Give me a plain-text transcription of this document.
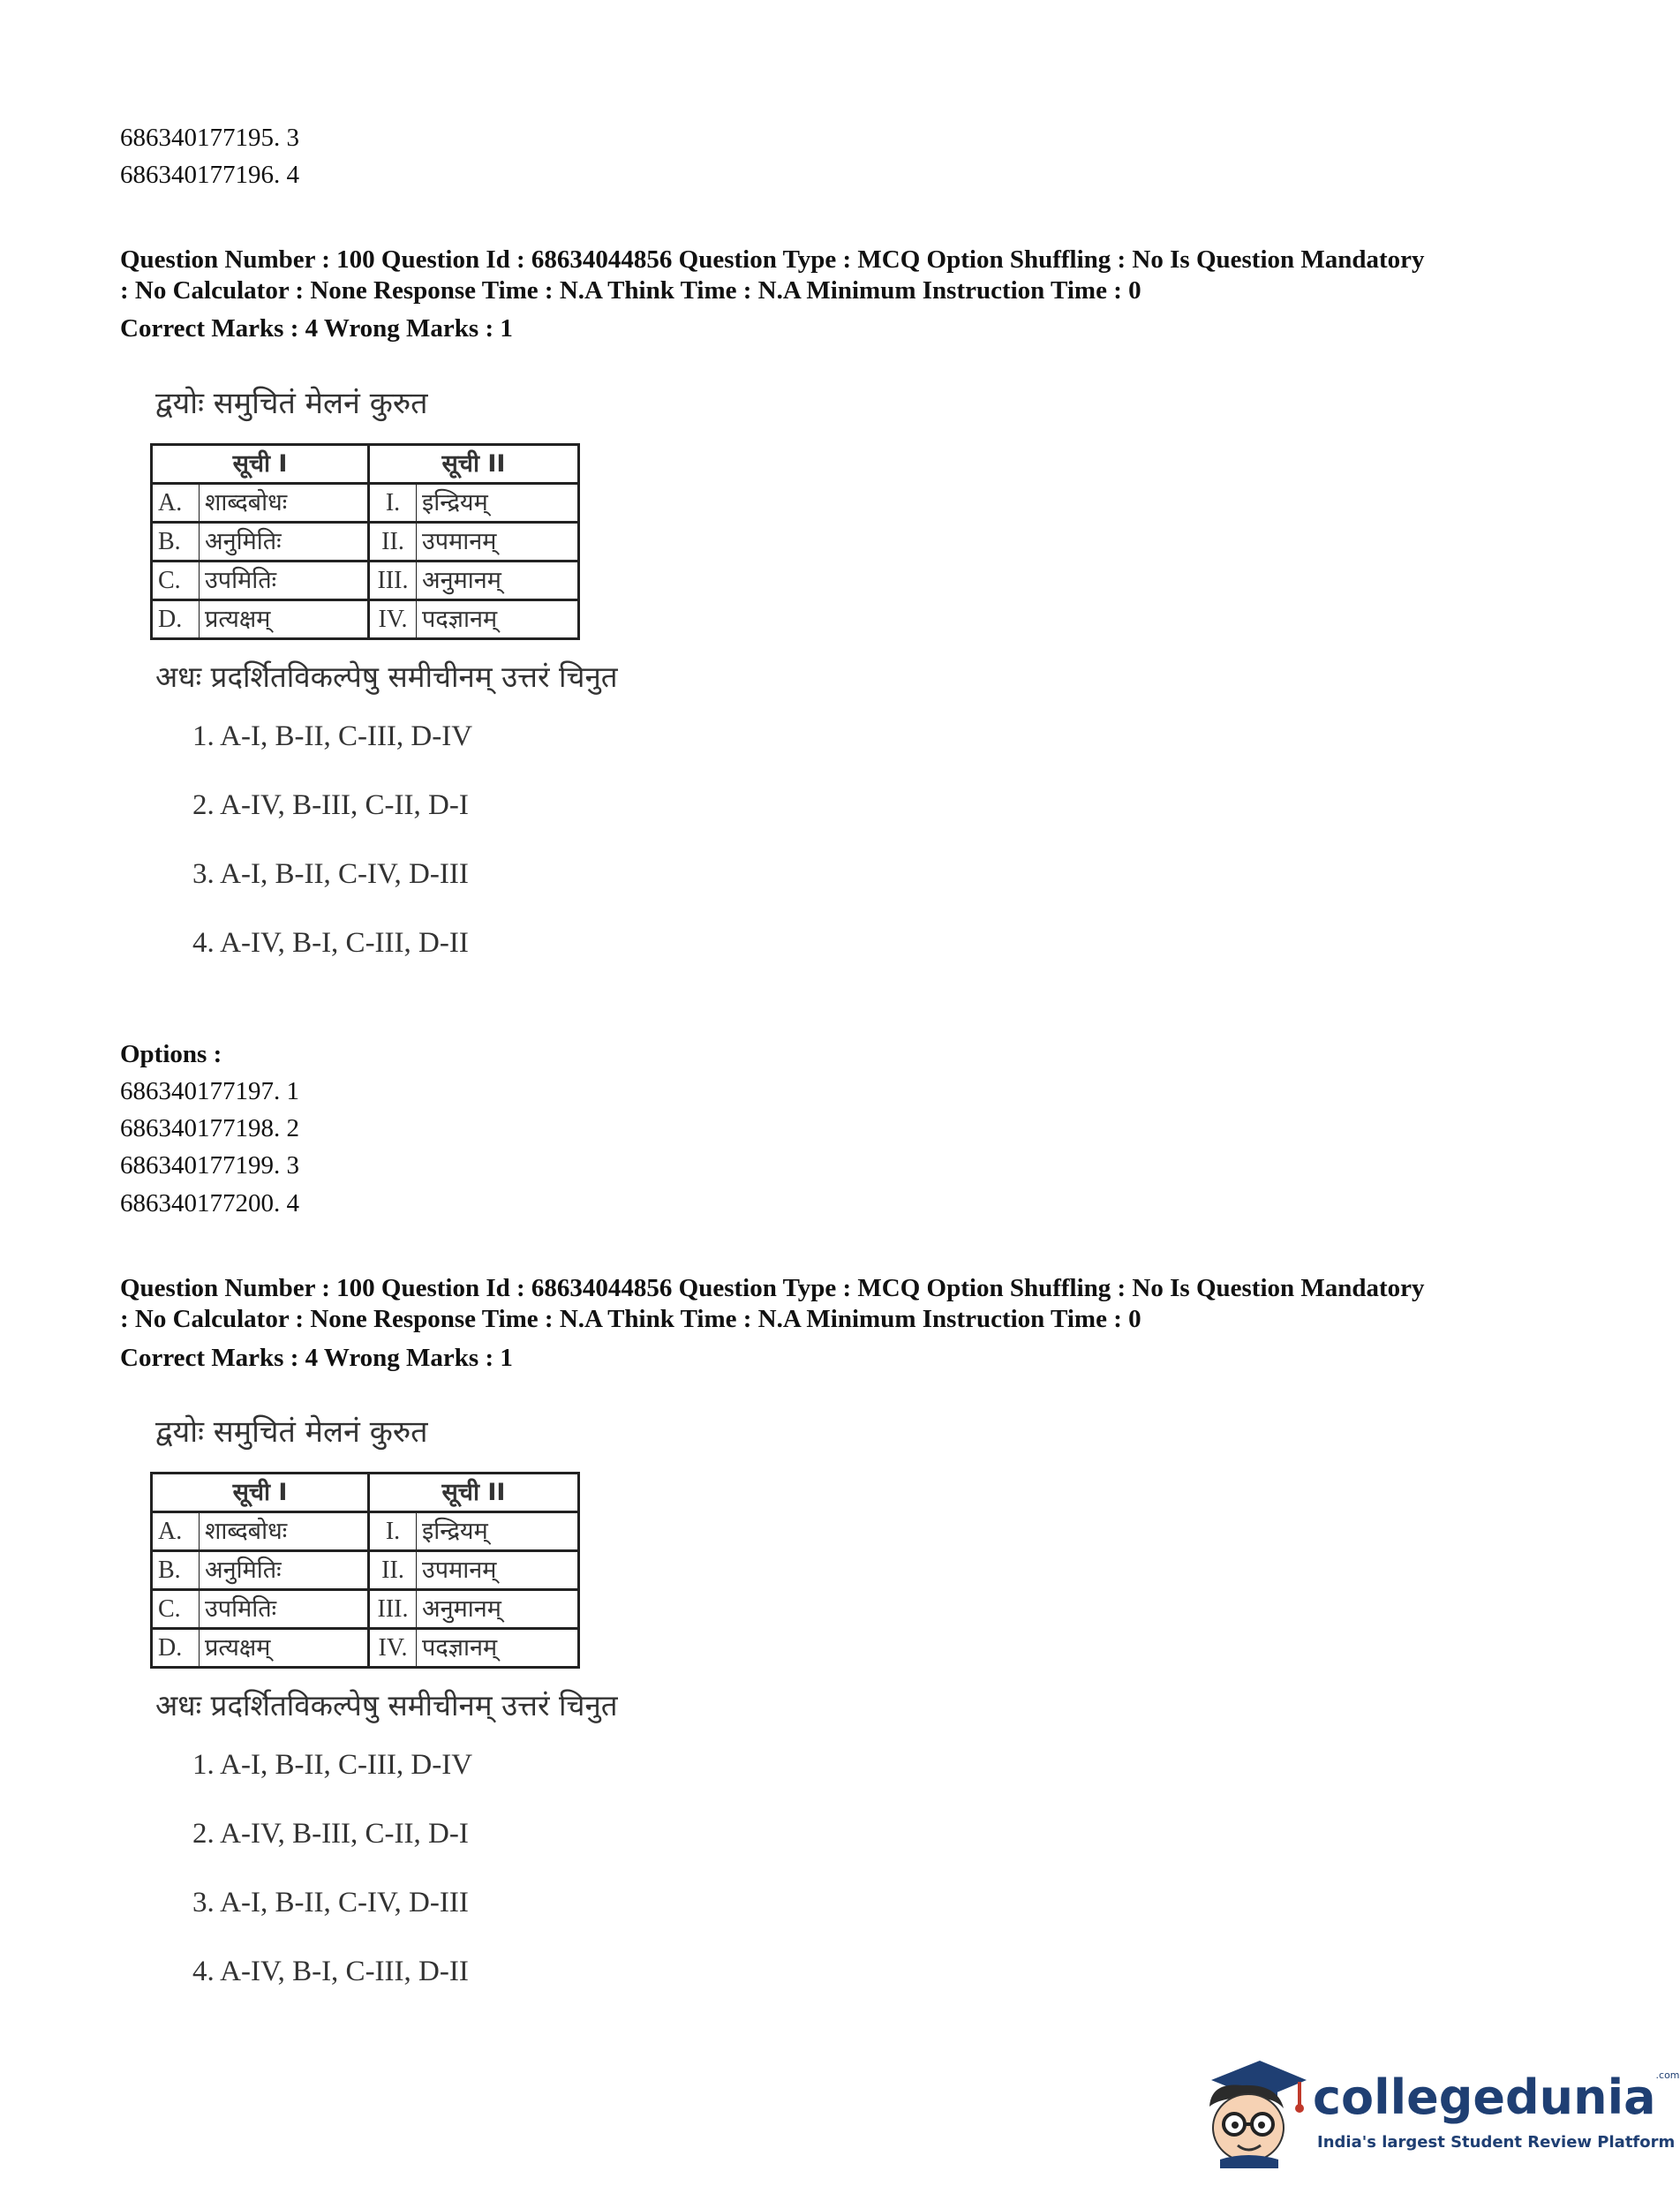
686340177195. 3
686340177196. 4
Question Number : 100 Question Id : 68634044856 Question Type : MCQ Option Shuffling : No Is Question Mandatory
: No Calculator : None Response Time : N.A Think Time : N.A Minimum Instruction Time : 0
Correct Marks : 4 Wrong Marks : 1
द्वयोः समुचितं मेलनं कुरुत
सूची I		सूची II	
A.	शाब्दबोधः	I.	इन्द्रियम्
B.	अनुमितिः	II.	उपमानम्
C.	उपमितिः	III.	अनुमानम्
D.	प्रत्यक्षम्	IV.	पदज्ञानम्
अधः प्रदर्शितविकल्पेषु समीचीनम् उत्तरं चिनुत
1. A-I, B-II, C-III, D-IV
2. A-IV, B-III, C-II, D-I
3. A-I, B-II, C-IV, D-III
4. A-IV, B-I, C-III, D-II
Options :
686340177197. 1
686340177198. 2
686340177199. 3
686340177200. 4
Question Number : 100 Question Id : 68634044856 Question Type : MCQ Option Shuffling : No Is Question Mandatory
: No Calculator : None Response Time : N.A Think Time : N.A Minimum Instruction Time : 0
Correct Marks : 4 Wrong Marks : 1
द्वयोः समुचितं मेलनं कुरुत
सूची I		सूची II	
A.	शाब्दबोधः	I.	इन्द्रियम्
B.	अनुमितिः	II.	उपमानम्
C.	उपमितिः	III.	अनुमानम्
D.	प्रत्यक्षम्	IV.	पदज्ञानम्
अधः प्रदर्शितविकल्पेषु समीचीनम् उत्तरं चिनुत
1. A-I, B-II, C-III, D-IV
2. A-IV, B-III, C-II, D-I
3. A-I, B-II, C-IV, D-III
4. A-IV, B-I, C-III, D-II
collegedunia$^{.com}$
India's largest Student Review Platform
